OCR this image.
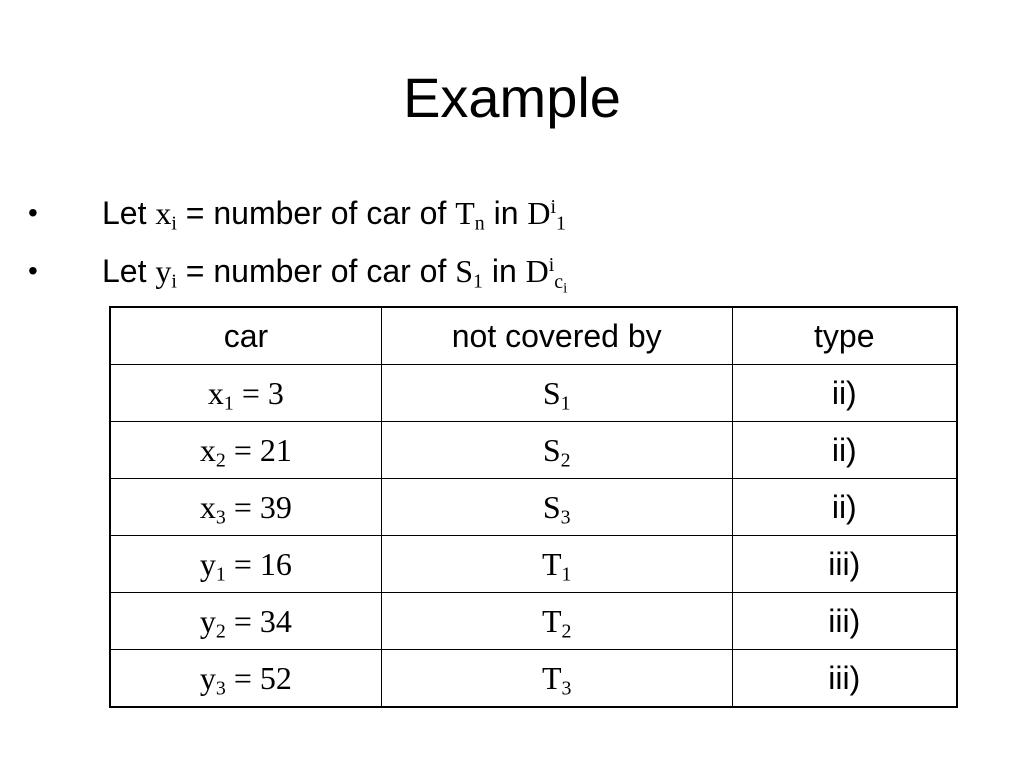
Example
• Let $x_i$ = number of car of $T_n$ in $D^i_1$
• Let $y_i$ = number of car of $S_1$ in $D^i_{c_i}$
car	not covered by	type
$x_1 = 3$	$S_1$	ii)
$x_2 = 21$	$S_2$	ii)
$x_3 = 39$	$S_3$	ii)
$y_1 = 16$	$T_1$	iii)
$y_2 = 34$	$T_2$	iii)
$y_3 = 52$	$T_3$	iii)
